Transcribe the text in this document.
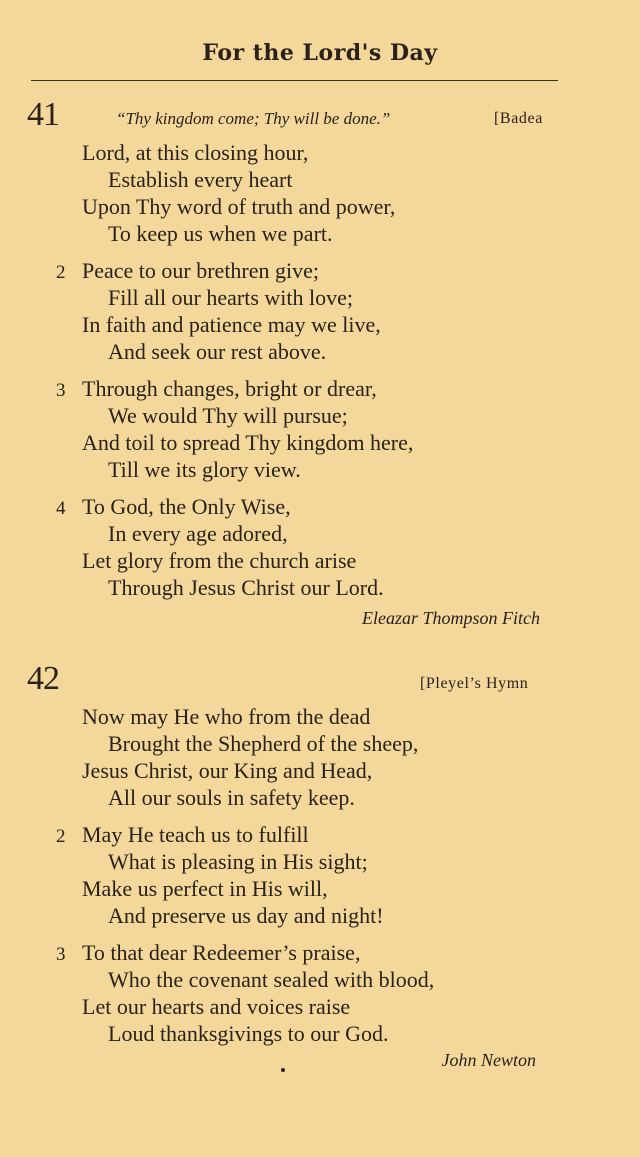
For the Lord's Day
41	“Thy kingdom come; Thy will be done.”	[Badea
Lord, at this closing hour,
Establish every heart
Upon Thy word of truth and power,
To keep us when we part.
2 Peace to our brethren give;
Fill all our hearts with love;
In faith and patience may we live,
And seek our rest above.
3 Through changes, bright or drear,
We would Thy will pursue;
And toil to spread Thy kingdom here,
Till we its glory view.
4 To God, the Only Wise,
In every age adored,
Let glory from the church arise
Through Jesus Christ our Lord.
Eleazar Thompson Fitch
42	[Pleyel’s Hymn
Now may He who from the dead
Brought the Shepherd of the sheep,
Jesus Christ, our King and Head,
All our souls in safety keep.
2 May He teach us to fulfill
What is pleasing in His sight;
Make us perfect in His will,
And preserve us day and night!
3 To that dear Redeemer’s praise,
Who the covenant sealed with blood,
Let our hearts and voices raise
Loud thanksgivings to our God.
John Newton
